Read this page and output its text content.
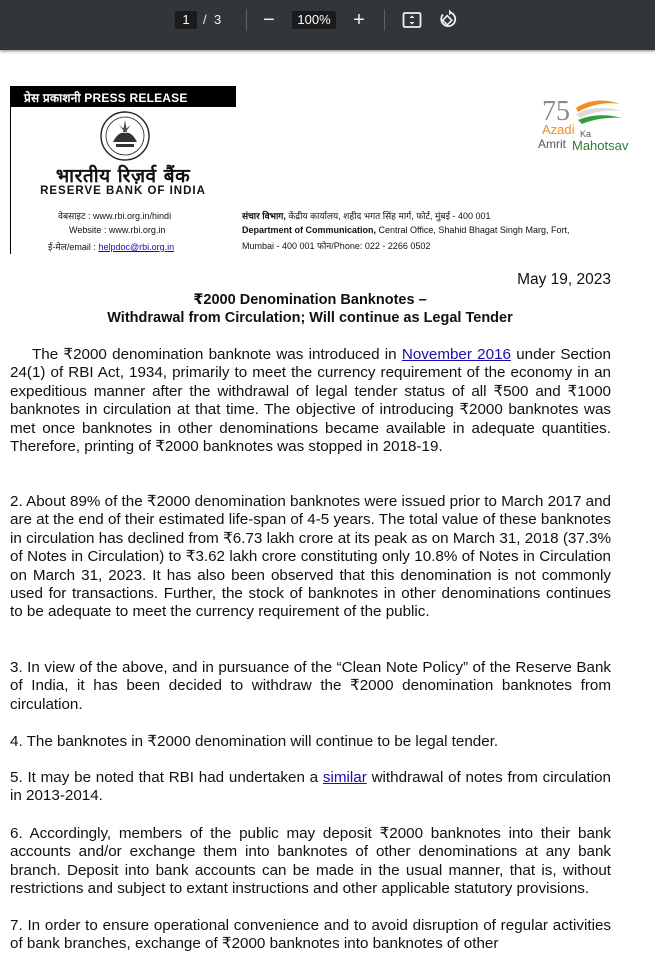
1	/ 3	−	100%	+
प्रेस प्रकाशनी PRESS RELEASE
भारतीय रिज़र्व बैंक
RESERVE BANK OF INDIA
वेबसाइट : www.rbi.org.in/hindi
Website : www.rbi.org.in
ई-मेल/email : helpdoc@rbi.org.in
संचार विभाग, केंद्रीय कार्यालय, शहीद भगत सिंह मार्ग, फोर्ट, मुंबई - 400 001
Department of Communication, Central Office, Shahid Bhagat Singh Marg, Fort,
Mumbai - 400 001 फोन/Phone: 022 - 2266 0502
75
Azadi Ka
Amrit Mahotsav
May 19, 2023
₹2000 Denomination Banknotes –
Withdrawal from Circulation; Will continue as Legal Tender

The ₹2000 denomination banknote was introduced in November 2016 under Section 24(1) of RBI Act, 1934, primarily to meet the currency requirement of the economy in an expeditious manner after the withdrawal of legal tender status of all ₹500 and ₹1000 banknotes in circulation at that time. The objective of introducing ₹2000 banknotes was met once banknotes in other denominations became available in adequate quantities. Therefore, printing of ₹2000 banknotes was stopped in 2018-19.

2. About 89% of the ₹2000 denomination banknotes were issued prior to March 2017 and are at the end of their estimated life-span of 4-5 years. The total value of these banknotes in circulation has declined from ₹6.73 lakh crore at its peak as on March 31, 2018 (37.3% of Notes in Circulation) to ₹3.62 lakh crore constituting only 10.8% of Notes in Circulation on March 31, 2023. It has also been observed that this denomination is not commonly used for transactions. Further, the stock of banknotes in other denominations continues to be adequate to meet the currency requirement of the public.

3. In view of the above, and in pursuance of the “Clean Note Policy” of the Reserve Bank of India, it has been decided to withdraw the ₹2000 denomination banknotes from circulation.

4. The banknotes in ₹2000 denomination will continue to be legal tender.

5. It may be noted that RBI had undertaken a similar withdrawal of notes from circulation in 2013-2014.

6. Accordingly, members of the public may deposit ₹2000 banknotes into their bank accounts and/or exchange them into banknotes of other denominations at any bank branch. Deposit into bank accounts can be made in the usual manner, that is, without restrictions and subject to extant instructions and other applicable statutory provisions.

7. In order to ensure operational convenience and to avoid disruption of regular activities of bank branches, exchange of ₹2000 banknotes into banknotes of other
